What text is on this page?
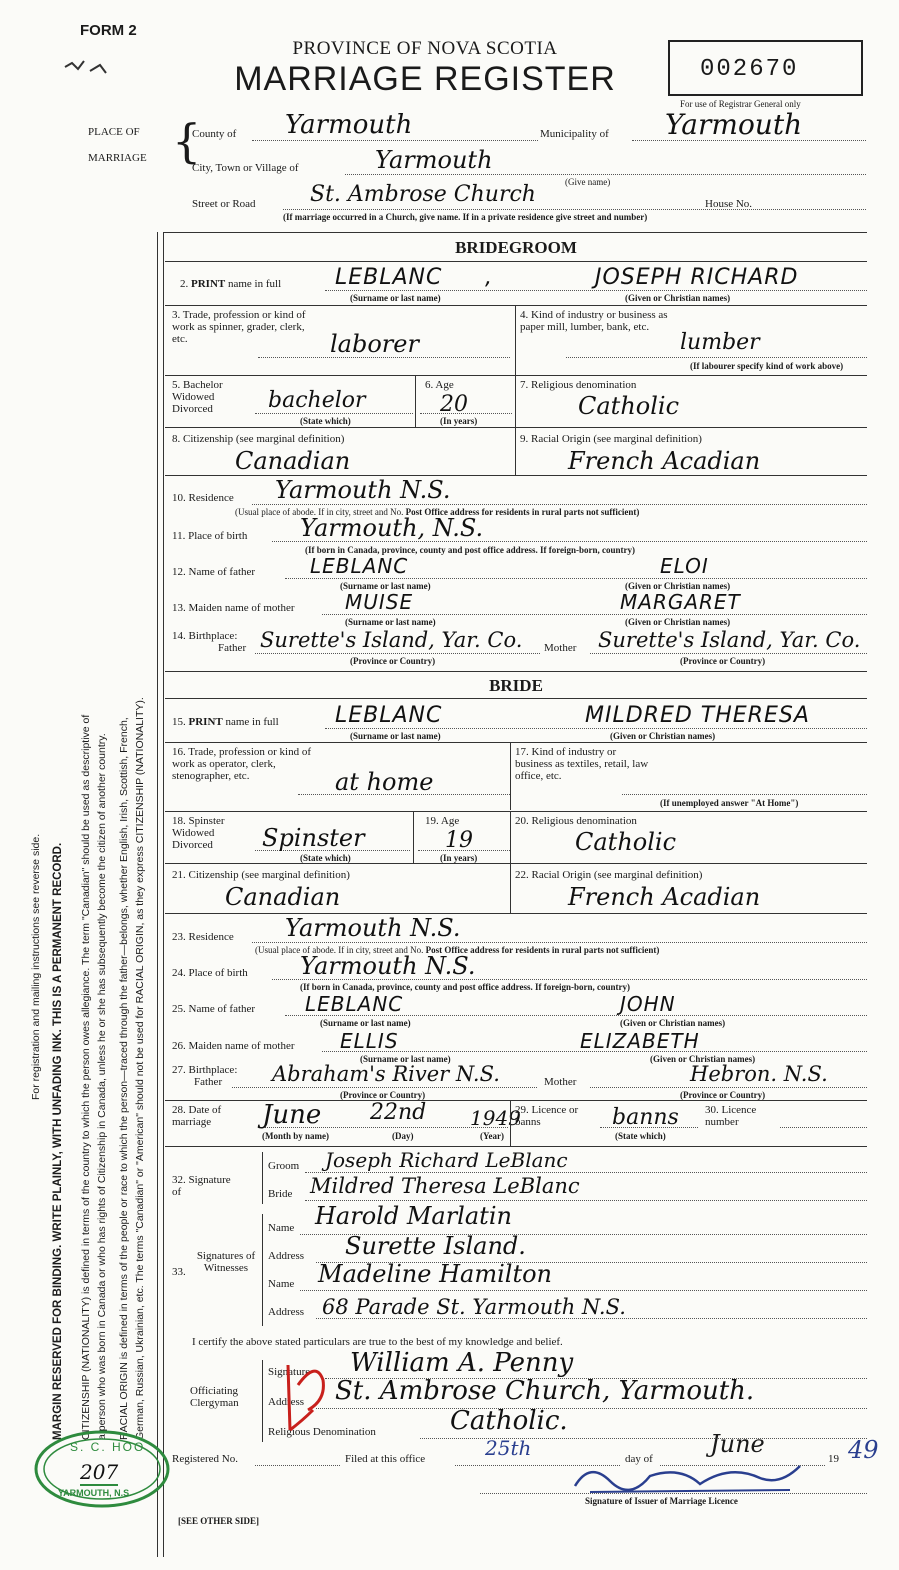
FORM 2
PROVINCE OF NOVA SCOTIA
MARRIAGE REGISTER	002670
For use of Registrar General only
PLACE OF
MARRIAGE {
County of Yarmouth	Municipality of Yarmouth
City, Town or Village of	Yarmouth
(Give name)
Street or Road St. Ambrose Church	House No.
(If marriage occurred in a Church, give name. If in a private residence give street and number)
For registration and mailing instructions see reverse side. MARGIN RESERVED FOR BINDING. WRITE PLAINLY, WITH UNFADING INK. THIS IS A PERMANENT RECORD. CITIZENSHIP (NATIONALITY) is defined in terms of the country to which the person owes allegiance. The term "Canadian" should be used as descriptive of a person who was born in Canada or who has rights of Citizenship in Canada, unless he or she has subsequently become the citizen of another country. RACIAL ORIGIN is defined in terms of the people or race to which the person—traced through the father—belongs, whether English, Irish, Scottish, French, German, Russian, Ukrainian, etc. The terms "Canadian" or "American" should not be used for RACIAL ORIGIN, as they express CITIZENSHIP (NATIONALITY).
BRIDEGROOM
2. PRINT name in full LEBLANC ,	JOSEPH RICHARD
(Surname or last name)	(Given or Christian names)
3. Trade, profession or kind of work as spinner, grader, clerk, etc.	laborer
4. Kind of industry or business as paper mill, lumber, bank, etc.
lumber
(If labourer specify kind of work above)
5. Bachelor Widowed Divorced	bachelor
(State which)
6. Age
20
(In years)
7. Religious denomination
Catholic
8. Citizenship (see marginal definition)
Canadian
9. Racial Origin (see marginal definition)
French Acadian
10. Residence Yarmouth N.S.
(Usual place of abode. If in city, street and No. Post Office address for residents in rural parts not sufficient)
11. Place of birth Yarmouth, N.S.
(If born in Canada, province, county and post office address. If foreign-born, country)
12. Name of father	LEBLANC	ELOI
(Surname or last name)	(Given or Christian names)
13. Maiden name of mother	MUISE	MARGARET
(Surname or last name)	(Given or Christian names)
14. Birthplace:
Father Surette's Island, Yar. Co. Mother Surette's Island, Yar. Co.
(Province or Country)	(Province or Country)
BRIDE
15. PRINT name in full	LEBLANC	MILDRED THERESA
(Surname or last name)	(Given or Christian names)
16. Trade, profession or kind of work as operator, clerk, stenographer, etc.	at home
17. Kind of industry or business as textiles, retail, law office, etc.
(If unemployed answer "At Home")
18. Spinster Widowed Divorced	Spinster
(State which)
19. Age
19
(In years)
20. Religious denomination
Catholic
21. Citizenship (see marginal definition)
Canadian
22. Racial Origin (see marginal definition)
French Acadian
23. Residence Yarmouth N.S.
(Usual place of abode. If in city, street and No. Post Office address for residents in rural parts not sufficient)
24. Place of birth Yarmouth N.S.
(If born in Canada, province, county and post office address. If foreign-born, country)
25. Name of father LEBLANC	JOHN
(Surname or last name)	(Given or Christian names)
26. Maiden name of mother ELLIS	ELIZABETH
(Surname or last name)	(Given or Christian names)
27. Birthplace:
Father Abraham's River N.S.	Mother	Hebron. N.S.
(Province or Country)	(Province or Country)
28. Date of marriage	June 22nd 1949
(Month by name)	(Day)	(Year)
29. Licence or banns	banns
(State which)
30. Licence number
32. Signature of
Groom Joseph Richard LeBlanc
Bride Mildred Theresa LeBlanc
33.
Signatures of Witnesses
Name Harold Marlatin
Address Surette Island.
Name Madeline Hamilton
Address 68 Parade St. Yarmouth N.S.
I certify the above stated particulars are true to the best of my knowledge and belief.
Officiating Clergyman
Signature William A. Penny
Address St. Ambrose Church, Yarmouth.
Religious Denomination	Catholic.
Registered No.	Filed at this office	25th	day of
June
19 49
Signature of Issuer of Marriage Licence
[SEE OTHER SIDE]
S. C. HOO
207
YARMOUTH, N.S.
